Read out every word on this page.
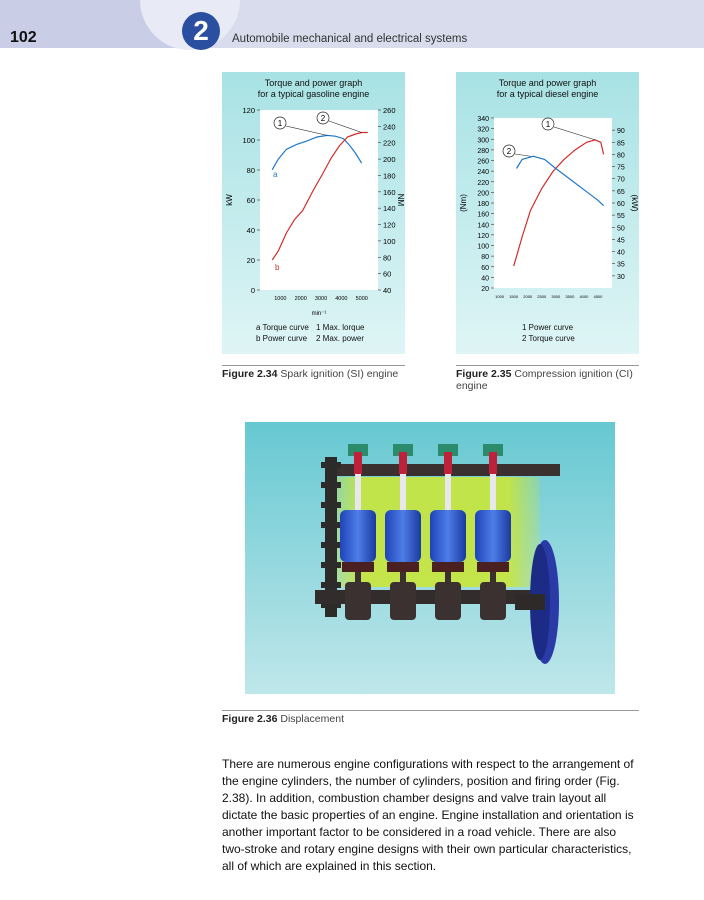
2
102	Automobile mechanical and electrical systems
Torque and power graph
for a typical gasoline engine
0
20
40
60
80
100
120
40
60
80
100
120
140
160
180
200
220
240
260
1000 2000 3000 4000 5000
min⁻¹
kW	NM
1
2
a
b
a Torque curve 1 Max. lorque
b Power curve 2 Max. power
Figure 2.34 Spark ignition (SI) engine
Torque and power graph
for a typical diesel engine
20
40
60
80
100
120
140
160
180
200
220
240
260
280
300
320
340
30
35
40
45
50
55
60
65
70
75
80
85
90
1000 1500 2000 2500 3000 3500 4000 4500
(Nm)	(kW)
1
2
1 Power curve
2 Torque curve
Figure 2.35 Compression ignition (CI)
engine
Figure 2.36 Displacement
There are numerous engine configurations with respect to the arrangement of the engine cylinders, the number of cylinders, position and firing order (Fig. 2.38). In addition, combustion chamber designs and valve train layout all dictate the basic properties of an engine. Engine installation and orientation is another important factor to be considered in a road vehicle. There are also two-stroke and rotary engine designs with their own particular characteristics, all of which are explained in this section.
